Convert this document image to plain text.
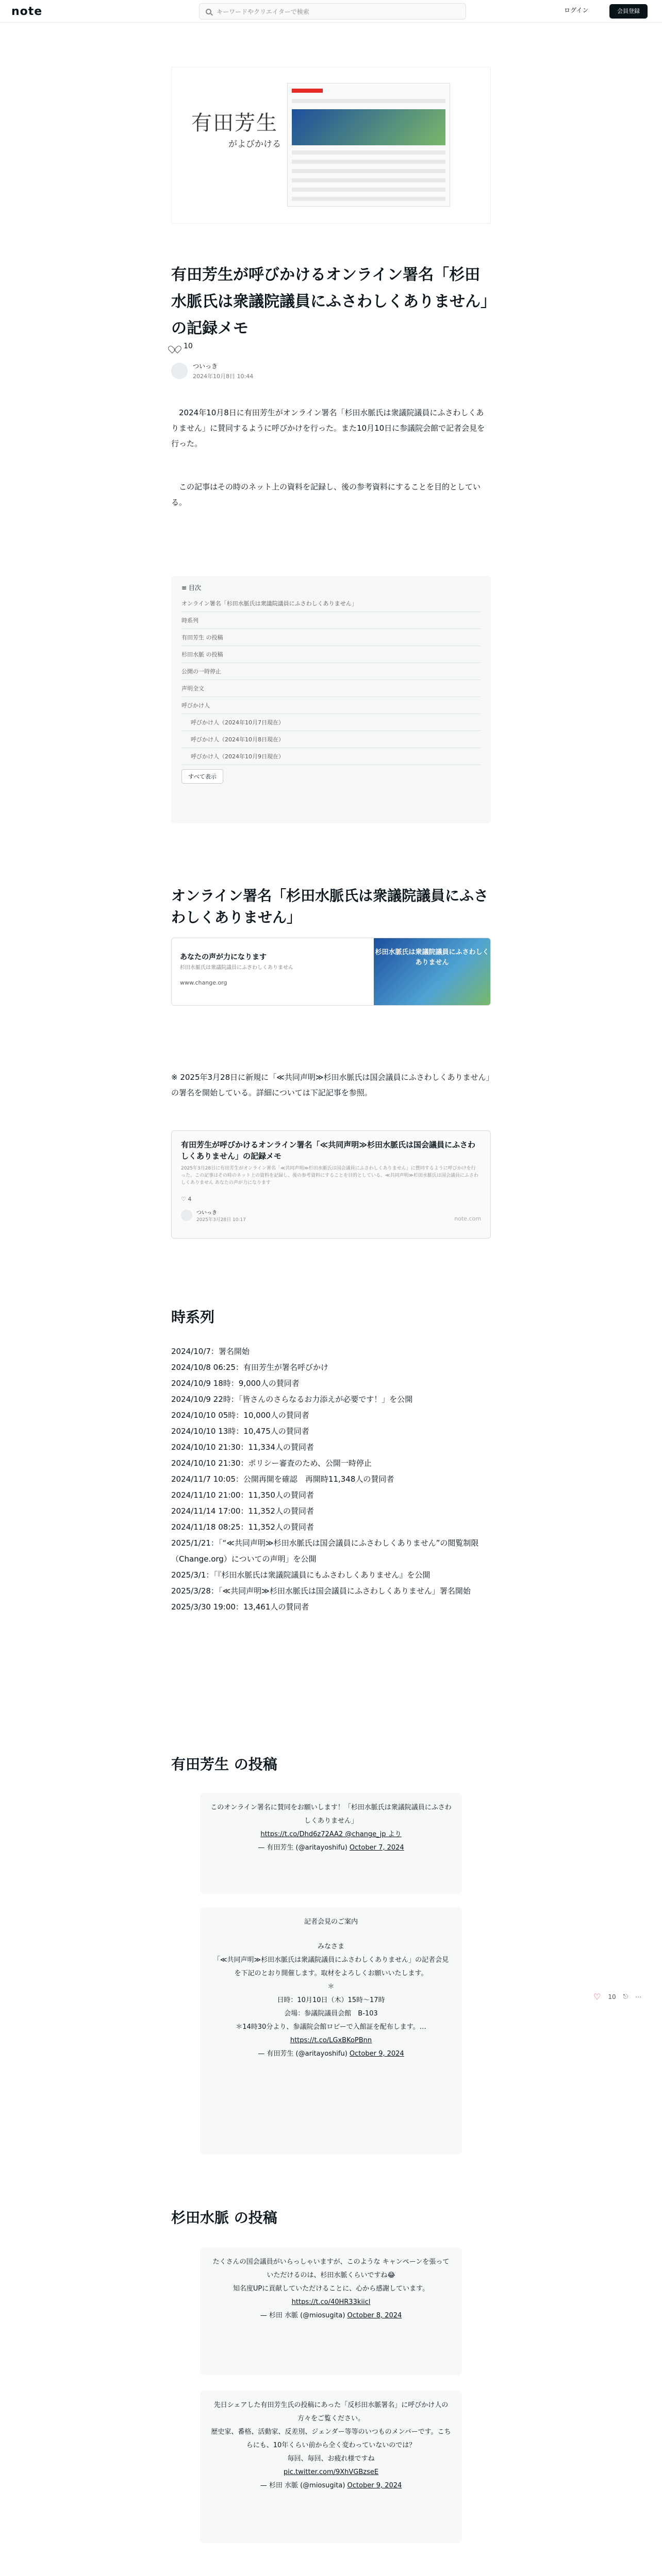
note	キーワードやクリエイターで検索	ログイン	会員登録
有田芳生
がよびかける
有田芳生が呼びかけるオンライン署名「杉田水脈氏は衆議院議員にふさわしくありません」の記録メモ
10
ついっき
2024年10月8日 10:44

　2024年10月8日に有田芳生がオンライン署名「杉田水脈氏は衆議院議員にふさわしくありません」に賛同するように呼びかけを行った。また10月10日に参議院会館で記者会見を行った。

　この記事はその時のネット上の資料を記録し、後の参考資料にすることを目的としている。

≡ 目次
オンライン署名「杉田水脈氏は衆議院議員にふさわしくありません」
時系列
有田芳生 の投稿
杉田水脈 の投稿
公開の一時停止
声明全文
呼びかけ人
呼びかけ人（2024年10月7日現在）
呼びかけ人（2024年10月8日現在）
呼びかけ人（2024年10月9日現在）
すべて表示
オンライン署名「杉田水脈氏は衆議院議員にふさわしくありません」
あなたの声が力になります
杉田水脈氏は衆議院議員にふさわしくありません
www.change.org
杉田水脈氏は衆議院議員にふさわしくありません

※ 2025年3月28日に新規に「≪共同声明≫杉田水脈氏は国会議員にふさわしくありません」の署名を開始している。詳細については下記記事を参照。

有田芳生が呼びかけるオンライン署名「≪共同声明≫杉田水脈氏は国会議員にふさわしくありません」の記録メモ
2025年3月28日に有田芳生がオンライン署名「≪共同声明≫杉田水脈氏は国会議員にふさわしくありません」に賛同するように呼びかけを行った。この記事はその時のネット上の資料を記録し、後の参考資料にすることを目的としている。≪共同声明≫杉田水脈氏は国会議員にふさわしくありません あなたの声が力になります
♡ 4
ついっき
2025年3月28日 10:17	note.com
時系列
2024/10/7：署名開始
2024/10/8 06:25：有田芳生が署名呼びかけ
2024/10/9 18時：9,000人の賛同者
2024/10/9 22時：「皆さんのさらなるお力添えが必要です！」を公開
2024/10/10 05時：10,000人の賛同者
2024/10/10 13時：10,475人の賛同者
2024/10/10 21:30：11,334人の賛同者
2024/10/10 21:30：ポリシー審査のため、公開一時停止
2024/11/7 10:05：公開再開を確認　再開時11,348人の賛同者
2024/11/10 21:00：11,350人の賛同者
2024/11/14 17:00：11,352人の賛同者
2024/11/18 08:25：11,352人の賛同者
2025/1/21：「“≪共同声明≫杉田水脈氏は国会議員にふさわしくありません”の閲覧制限（Change.org）についての声明」を公開
2025/3/1：「『杉田水脈氏は衆議院議員にもふさわしくありません』を公開
2025/3/28：「≪共同声明≫杉田水脈氏は国会議員にふさわしくありません」署名開始
2025/3/30 19:00：13,461人の賛同者
有田芳生 の投稿
このオンライン署名に賛同をお願いします！「杉田水脈氏は衆議院議員にふさわしくありません」
https://t.co/Dhd6z72AA2 @change_jp より
— 有田芳生 (@aritayoshifu) October 7, 2024
記者会見のご案内
みなさま
「≪共同声明≫杉田水脈氏は衆議院議員にふさわしくありません」の記者会見を下記のとおり開催します。取材をよろしくお願いいたします。
＊
日時：10月10日（木）15時〜17時
会場：参議院議員会館　B-103
＊14時30分より、参議院会館ロビーで入館証を配布します。…
https://t.co/LGxBKoPBnn
— 有田芳生 (@aritayoshifu) October 9, 2024
♡ 10 ⎋ ⋯
杉田水脈 の投稿
たくさんの国会議員がいらっしゃいますが、このような キャンペーンを張っていただけるのは、杉田水脈くらいですね😂
知名度UPに貢献していただけることに、心から感謝しています。
https://t.co/40HR33kiicl
— 杉田 水脈 (@miosugita) October 8, 2024
先日シェアした有田芳生氏の投稿にあった「反杉田水脈署名」に呼びかけ人の方々をご覧ください。
歴史家、番格、活動家、反差別、ジェンダー等等のいつものメンバーです。こちらにも、10年くらい前から全く変わっていないのでは？
毎回、毎回、お疲れ様ですね
pic.twitter.com/9XhVGBzseE
— 杉田 水脈 (@miosugita) October 9, 2024
